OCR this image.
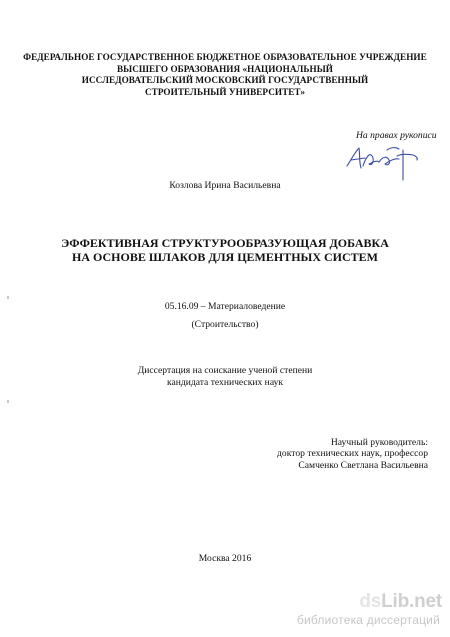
ФЕДЕРАЛЬНОЕ ГОСУДАРСТВЕННОЕ БЮДЖЕТНОЕ ОБРАЗОВАТЕЛЬНОЕ УЧРЕЖДЕНИЕ
ВЫСШЕГО ОБРАЗОВАНИЯ «НАЦИОНАЛЬНЫЙ
ИССЛЕДОВАТЕЛЬСКИЙ МОСКОВСКИЙ ГОСУДАРСТВЕННЫЙ
СТРОИТЕЛЬНЫЙ УНИВЕРСИТЕТ»
На правах рукописи
Козлова Ирина Васильевна
ЭФФЕКТИВНАЯ СТРУКТУРООБРАЗУЮЩАЯ ДОБАВКА
НА ОСНОВЕ ШЛАКОВ ДЛЯ ЦЕМЕНТНЫХ СИСТЕМ
05.16.09 – Материаловедение
(Строительство)
Диссертация на соискание ученой степени
кандидата технических наук
Научный руководитель:
доктор технических наук, профессор
Самченко Светлана Васильевна
Москва 2016
dsLib.net
библиотека диссертаций
